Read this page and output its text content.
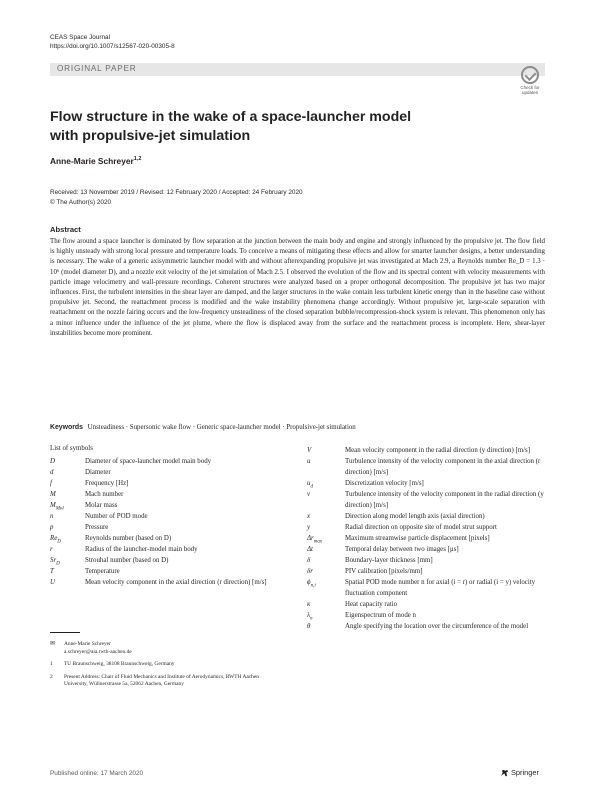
CEAS Space Journal
https://doi.org/10.1007/s12567-020-00305-8
ORIGINAL PAPER
Check for updates
Flow structure in the wake of a space-launcher model
with propulsive-jet simulation
Anne-Marie Schreyer$^{1,2}$
Received: 13 November 2019 / Revised: 12 February 2020 / Accepted: 24 February 2020
© The Author(s) 2020
Abstract
The flow around a space launcher is dominated by flow separation at the junction between the main body and engine and strongly influenced by the propulsive jet. The flow field is highly unsteady with strong local pressure and temperature loads. To conceive a means of mitigating these effects and allow for smarter launcher designs, a better understanding is necessary. The wake of a generic axisymmetric launcher model with and without afterexpanding propulsive jet was investigated at Mach 2.9, a Reynolds number Re_D = 1.3 · 10⁶ (model diameter D), and a nozzle exit velocity of the jet simulation of Mach 2.5. I observed the evolution of the flow and its spectral content with velocity measurements with particle image velocimetry and wall-pressure recordings. Coherent structures were analyzed based on a proper orthogonal decomposition. The propulsive jet has two major influences. First, the turbulent intensities in the shear layer are damped, and the larger structures in the wake contain less turbulent kinetic energy than in the baseline case without propulsive jet. Second, the reattachment process is modified and the wake instability phenomena change accordingly. Without propulsive jet, large-scale separation with reattachment on the nozzle fairing occurs and the low-frequency unsteadiness of the closed separation bubble/recompression-shock system is relevant. This phenomenon only has a minor influence under the influence of the jet plume, where the flow is displaced away from the surface and the reattachment process is incomplete. Here, shear-layer instabilities become more prominent.
Keywords Unsteadiness · Supersonic wake flow · Generic space-launcher model · Propulsive-jet simulation
List of symbols
D	Diameter of space-launcher model main body
d	Diameter
f	Frequency [Hz]
M	Mach number
$M_{Mol}$	Molar mass
n	Number of POD mode
p	Pressure
$Re_D$	Reynolds number (based on D)
r	Radius of the launcher-model main body
$Sr_D$	Strouhal number (based on D)
T	Temperature
U	Mean velocity component in the axial direction (r direction) [m/s]
V	Mean velocity component in the radial direction (y direction) [m/s]
u	Turbulence intensity of the velocity component in the axial direction (r direction) [m/s]
$u_d$	Discretization velocity [m/s]
v	Turbulence intensity of the velocity component in the radial direction (y direction) [m/s]
x	Direction along model length axis (axial direction)
y	Radial direction on opposite site of model strut support
$\Delta r_{max}$	Maximum streamwise particle displacement [pixels]
Δt	Temporal delay between two images [μs]
δ	Boundary-layer thickness [mm]
δr	PIV calibration [pixels/mm]
$\phi_{n,i}$	Spatial POD mode number n for axial (i = r) or radial (i = y) velocity fluctuation component
κ	Heat capacity ratio
$\lambda_n$	Eigenspectrum of mode n
θ	Angle specifying the location over the circumference of the model
✉ Anne-Marie Schreyer
a.schreyer@aia.rwth-aachen.de
1 TU Braunschweig, 38108 Braunschweig, Germany
2 Present Address: Chair of Fluid Mechanics and Institute of Aerodynamics, RWTH Aachen University, Wüllnerstrasse 5a, 52062 Aachen, Germany
Published online: 17 March 2020	Springer
